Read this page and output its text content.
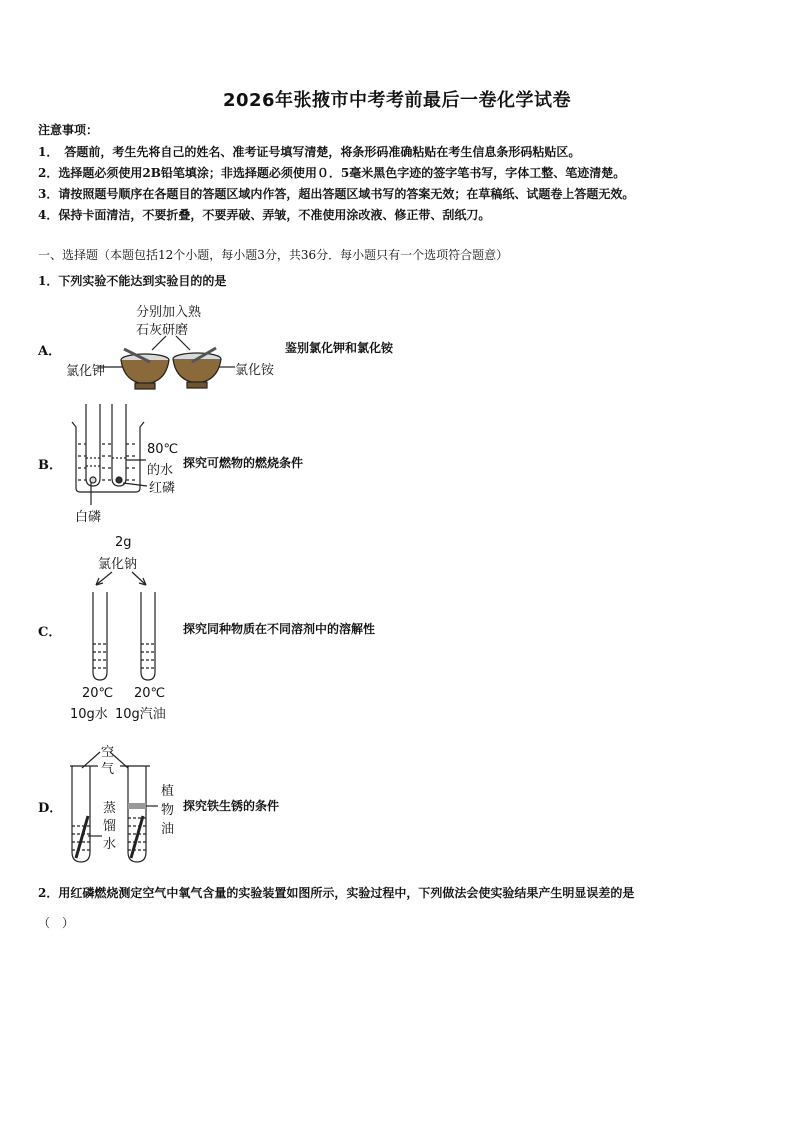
2026年张掖市中考考前最后一卷化学试卷
注意事项：
1．　答题前，考生先将自己的姓名、准考证号填写清楚，将条形码准确粘贴在考生信息条形码粘贴区。
2．选择题必须使用2B铅笔填涂；非选择题必须使用０．5毫米黑色字迹的签字笔书写，字体工整、笔迹清楚。
3．请按照题号顺序在各题目的答题区域内作答，超出答题区域书写的答案无效；在草稿纸、试题卷上答题无效。
4．保持卡面清洁，不要折叠，不要弄破、弄皱，不准使用涂改液、修正带、刮纸刀。
一、选择题（本题包括12个小题，每小题3分，共36分．每小题只有一个选项符合题意）
1．下列实验不能达到实验目的的是
A．	鉴别氯化钾和氯化铵
B．	探究可燃物的燃烧条件
C．	探究同种物质在不同溶剂中的溶解性
D．	探究铁生锈的条件
分别加入熟
石灰研磨
氯化钾	氯化铵
80℃
的水
红磷
白磷
2g
氯化钠
20℃
10g水
20℃
10g汽油
空
气
蒸
馏
水
植
物
油
2．用红磷燃烧测定空气中氧气含量的实验装置如图所示，实验过程中，下列做法会使实验结果产生明显误差的是
（　）
